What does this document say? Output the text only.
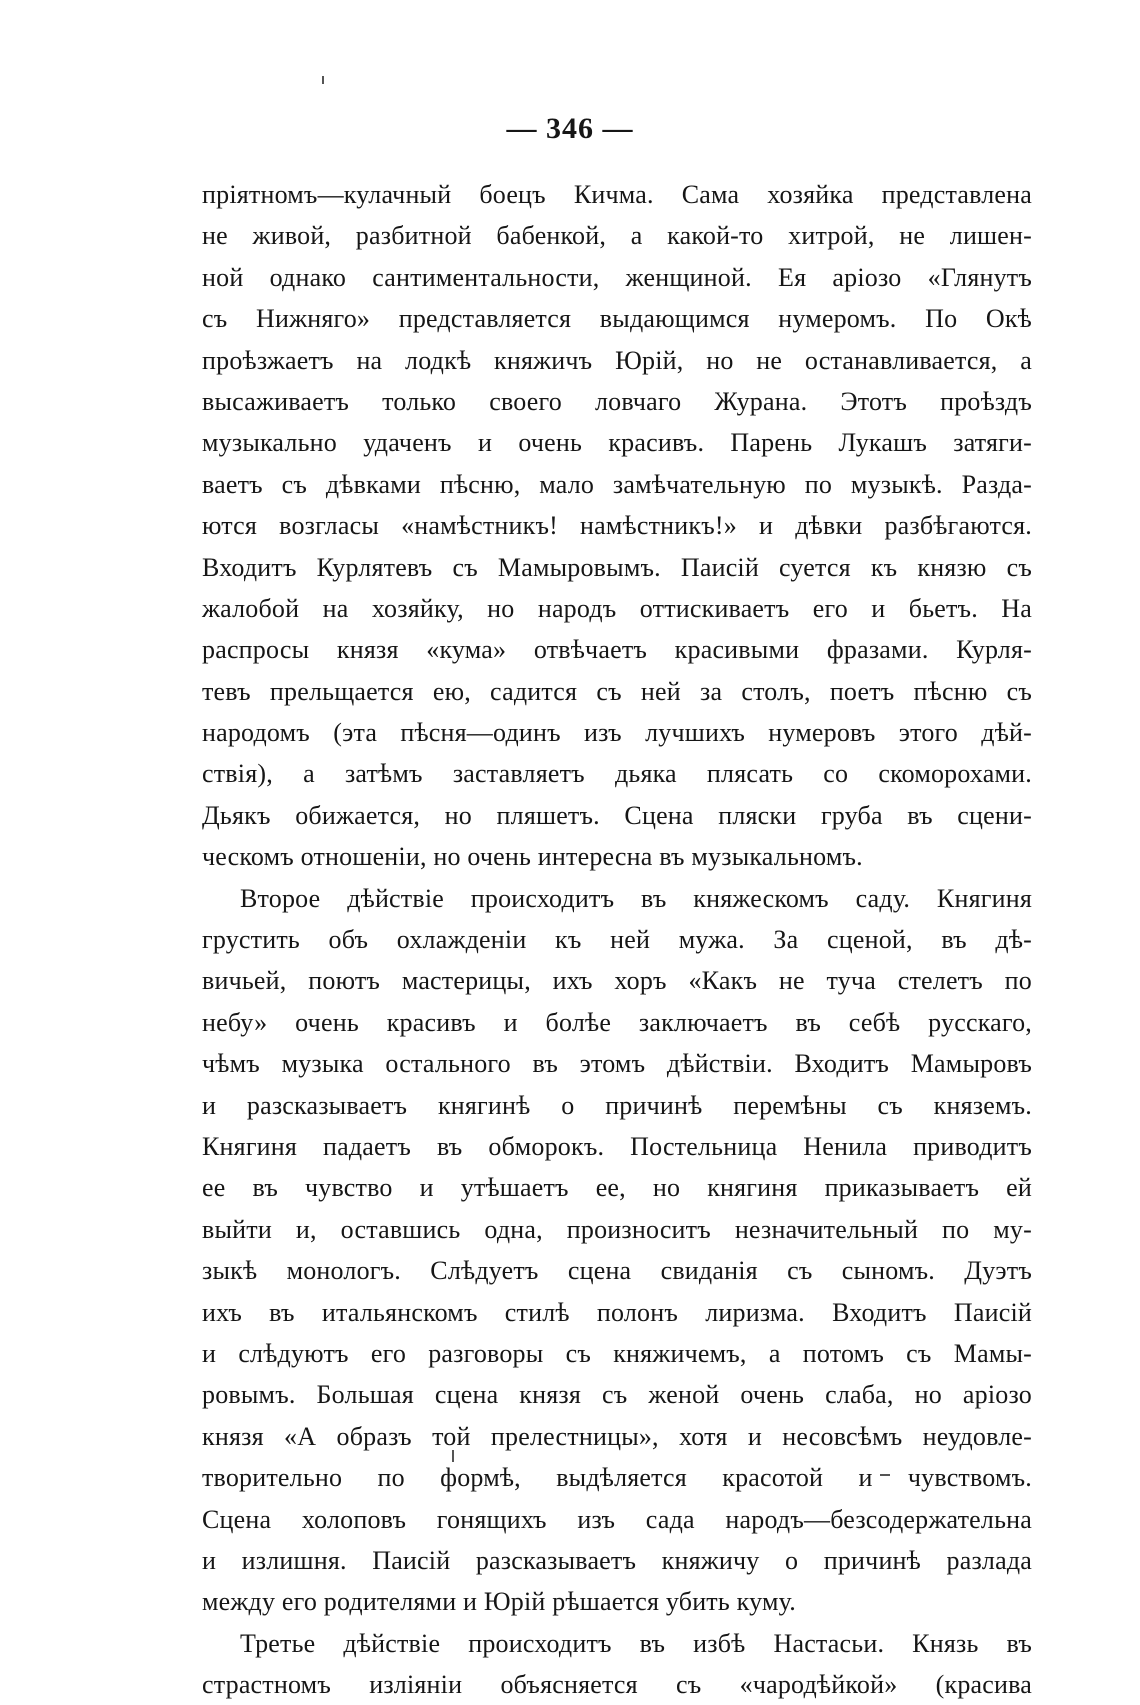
— 346 —
пріятномъ—кулачный боецъ Кичма. Сама хозяйка представлена
не живой, разбитной бабенкой, а какой-то хитрой, не лишен-
ной однако сантиментальности, женщиной. Ея аріозо «Глянутъ
съ Нижняго» представляется выдающимся нумеромъ. По Окѣ
проѣзжаетъ на лодкѣ княжичъ Юрій, но не останавливается, а
высаживаетъ только своего ловчаго Журана. Этотъ проѣздъ
музыкально удаченъ и очень красивъ. Парень Лукашъ затяги-
ваетъ съ дѣвками пѣсню, мало замѣчательную по музыкѣ. Разда-
ются возгласы «намѣстникъ! намѣстникъ!» и дѣвки разбѣгаются.
Входитъ Курлятевъ съ Мамыровымъ. Паисій суется къ князю съ
жалобой на хозяйку, но народъ оттискиваетъ его и бьетъ. На
распросы князя «кума» отвѣчаетъ красивыми фразами. Курля-
тевъ прельщается ею, садится съ ней за столъ, поетъ пѣсню съ
народомъ (эта пѣсня—одинъ изъ лучшихъ нумеровъ этого дѣй-
ствія), а затѣмъ заставляетъ дьяка плясать со скоморохами.
Дьякъ обижается, но пляшетъ. Сцена пляски груба въ сцени-
ческомъ отношеніи, но очень интересна въ музыкальномъ.
Второе дѣйствіе происходитъ въ княжескомъ саду. Княгиня
грустить объ охлажденіи къ ней мужа. За сценой, въ дѣ-
вичьей, поютъ мастерицы, ихъ хоръ «Какъ не туча стелетъ по
небу» очень красивъ и болѣе заключаетъ въ себѣ русскаго,
чѣмъ музыка остального въ этомъ дѣйствіи. Входитъ Мамыровъ
и разсказываетъ княгинѣ о причинѣ перемѣны съ княземъ.
Княгиня падаетъ въ обморокъ. Постельница Ненила приводитъ
ее въ чувство и утѣшаетъ ее, но княгиня приказываетъ ей
выйти и, оставшись одна, произноситъ незначительный по му-
зыкѣ монологъ. Слѣдуетъ сцена свиданія съ сыномъ. Дуэтъ
ихъ въ итальянскомъ стилѣ полонъ лиризма. Входитъ Паисій
и слѣдуютъ его разговоры съ княжичемъ, а потомъ съ Мамы-
ровымъ. Большая сцена князя съ женой очень слаба, но аріозо
князя «А образъ той прелестницы», хотя и несовсѣмъ неудовле-
творительно по формѣ, выдѣляется красотой и чувствомъ.
Сцена холоповъ гонящихъ изъ сада народъ—безсодержательна
и излишня. Паисій разсказываетъ княжичу о причинѣ разлада
между его родителями и Юрій рѣшается убить куму.
Третье дѣйствіе происходитъ въ избѣ Настасьи. Князь въ
страстномъ изліяніи объясняется съ «чародѣйкой» (красива
